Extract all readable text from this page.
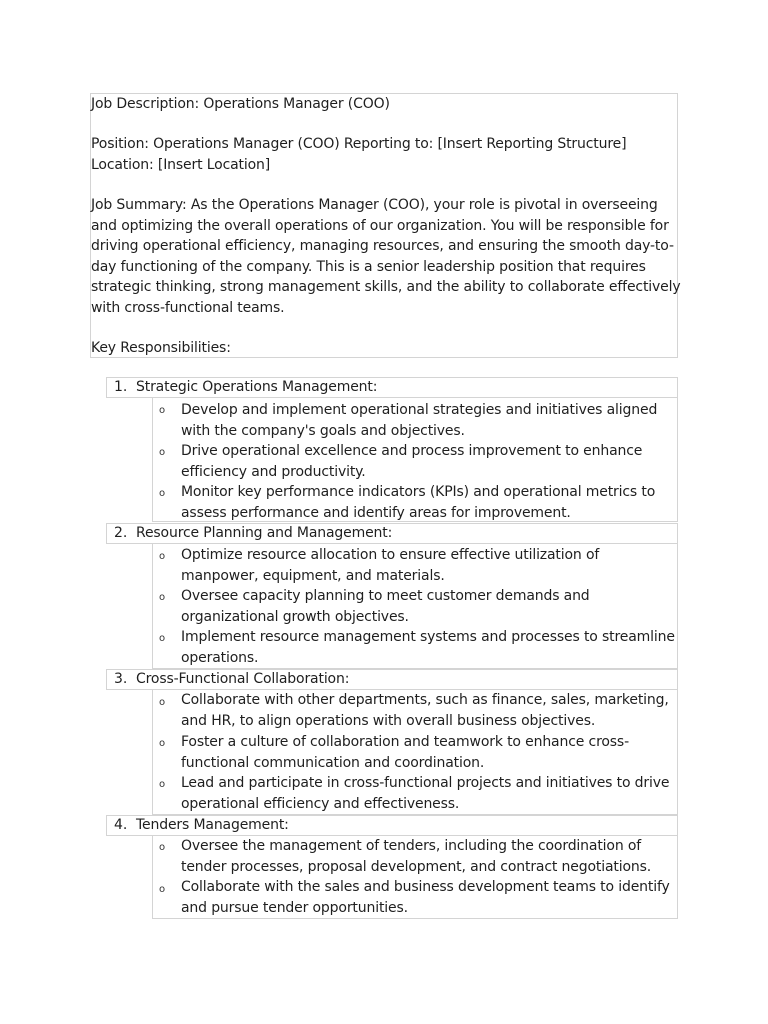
Job Description: Operations Manager (COO)

Position: Operations Manager (COO) Reporting to: [Insert Reporting Structure] Location: [Insert Location]

Job Summary: As the Operations Manager (COO), your role is pivotal in overseeing and optimizing the overall operations of our organization. You will be responsible for driving operational efficiency, managing resources, and ensuring the smooth day-to-day functioning of the company. This is a senior leadership position that requires strategic thinking, strong management skills, and the ability to collaborate effectively with cross-functional teams.

Key Responsibilities:

1. Strategic Operations Management:
o Develop and implement operational strategies and initiatives aligned with the company's goals and objectives.

o Drive operational excellence and process improvement to enhance efficiency and productivity.

o Monitor key performance indicators (KPIs) and operational metrics to assess performance and identify areas for improvement.

2. Resource Planning and Management:
o Optimize resource allocation to ensure effective utilization of manpower, equipment, and materials.

o Oversee capacity planning to meet customer demands and organizational growth objectives.

o Implement resource management systems and processes to streamline operations.

3. Cross-Functional Collaboration:
o Collaborate with other departments, such as finance, sales, marketing, and HR, to align operations with overall business objectives.

o Foster a culture of collaboration and teamwork to enhance cross-functional communication and coordination.

o Lead and participate in cross-functional projects and initiatives to drive operational efficiency and effectiveness.

4. Tenders Management:
o Oversee the management of tenders, including the coordination of tender processes, proposal development, and contract negotiations.

o Collaborate with the sales and business development teams to identify and pursue tender opportunities.
